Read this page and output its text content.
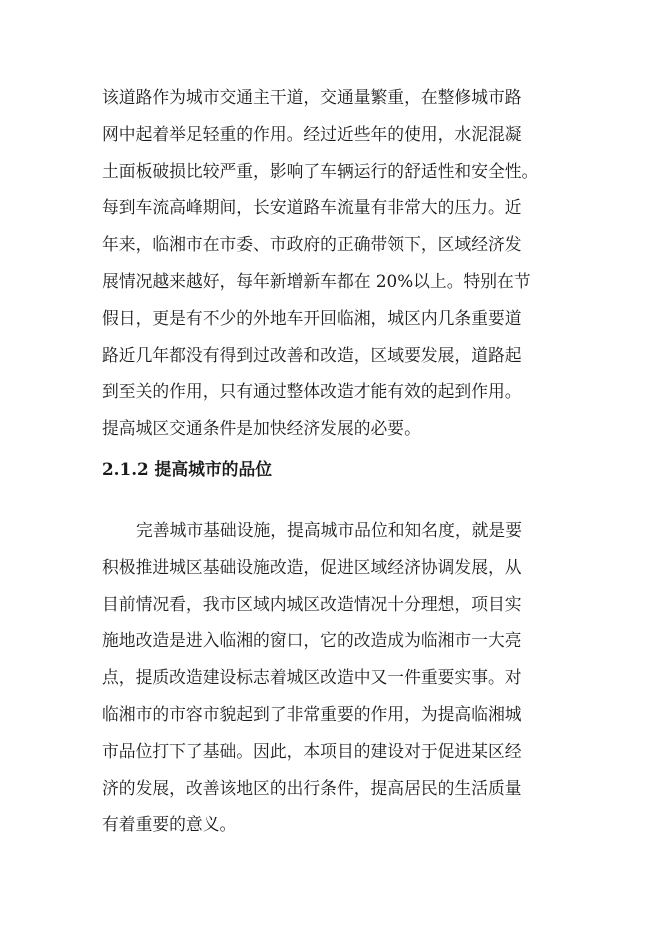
该道路作为城市交通主干道，交通量繁重，在整修城市路
网中起着举足轻重的作用。经过近些年的使用，水泥混凝
土面板破损比较严重，影响了车辆运行的舒适性和安全性。
每到车流高峰期间，长安道路车流量有非常大的压力。近
年来，临湘市在市委、市政府的正确带领下，区域经济发
展情况越来越好，每年新增新车都在 20%以上。特别在节
假日，更是有不少的外地车开回临湘，城区内几条重要道
路近几年都没有得到过改善和改造，区域要发展，道路起
到至关的作用，只有通过整体改造才能有效的起到作用。
提高城区交通条件是加快经济发展的必要。
2.1.2 提高城市的品位
完善城市基础设施，提高城市品位和知名度，就是要
积极推进城区基础设施改造，促进区域经济协调发展，从
目前情况看，我市区域内城区改造情况十分理想，项目实
施地改造是进入临湘的窗口，它的改造成为临湘市一大亮
点，提质改造建设标志着城区改造中又一件重要实事。对
临湘市的市容市貌起到了非常重要的作用，为提高临湘城
市品位打下了基础。因此，本项目的建设对于促进某区经
济的发展，改善该地区的出行条件，提高居民的生活质量
有着重要的意义。
